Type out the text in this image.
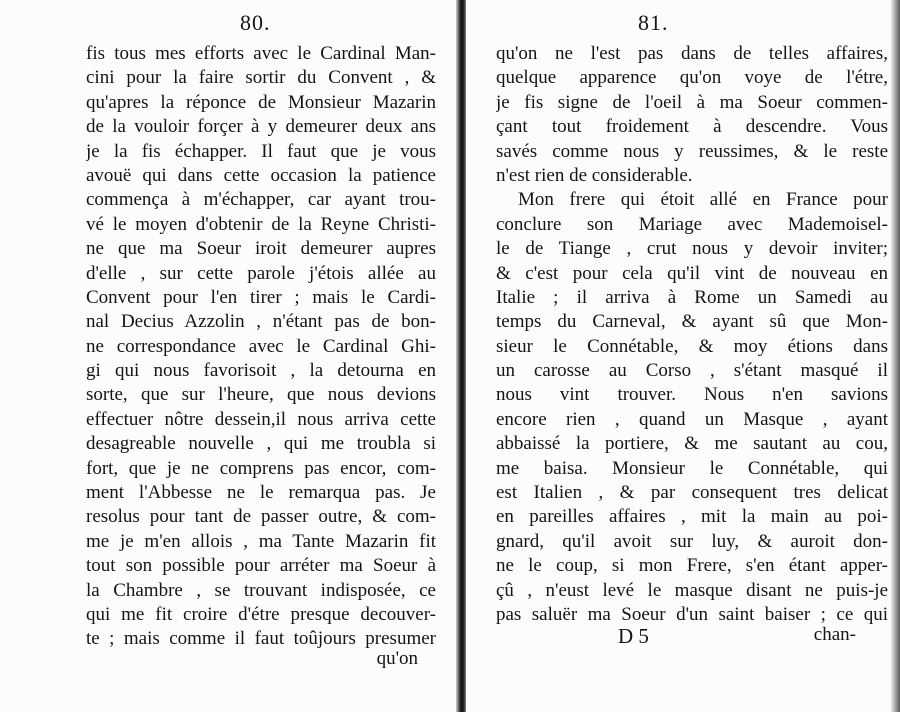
80.
fis tous mes efforts avec le Cardinal Man-
cini pour la faire sortir du Convent , &
qu'apres la réponce de Monsieur Mazarin
de la vouloir forçer à y demeurer deux ans
je la fis échapper. Il faut que je vous
avouë qui dans cette occasion la patience
commença à m'échapper, car ayant trou-
vé le moyen d'obtenir de la Reyne Christi-
ne que ma Soeur iroit demeurer aupres
d'elle , sur cette parole j'étois allée au
Convent pour l'en tirer ; mais le Cardi-
nal Decius Azzolin , n'étant pas de bon-
ne correspondance avec le Cardinal Ghi-
gi qui nous favorisoit , la detourna en
sorte, que sur l'heure, que nous devions
effectuer nôtre dessein,il nous arriva cette
desagreable nouvelle , qui me troubla si
fort, que je ne comprens pas encor, com-
ment l'Abbesse ne le remarqua pas. Je
resolus pour tant de passer outre, & com-
me je m'en allois , ma Tante Mazarin fit
tout son possible pour arréter ma Soeur à
la Chambre , se trouvant indisposée, ce
qui me fit croire d'étre presque decouver-
te ; mais comme il faut toûjours presumer
qu'on
81.
qu'on ne l'est pas dans de telles affaires,
quelque apparence qu'on voye de l'étre,
je fis signe de l'oeil à ma Soeur commen-
çant tout froidement à descendre. Vous
savés comme nous y reussimes, & le reste
n'est rien de considerable.
Mon frere qui étoit allé en France pour
conclure son Mariage avec Mademoisel-
le de Tiange , crut nous y devoir inviter;
& c'est pour cela qu'il vint de nouveau en
Italie ; il arriva à Rome un Samedi au
temps du Carneval, & ayant sû que Mon-
sieur le Connétable, & moy étions dans
un carosse au Corso , s'étant masqué il
nous vint trouver. Nous n'en savions
encore rien , quand un Masque , ayant
abbaissé la portiere, & me sautant au cou,
me baisa. Monsieur le Connétable, qui
est Italien , & par consequent tres delicat
en pareilles affaires , mit la main au poi-
gnard, qu'il avoit sur luy, & auroit don-
ne le coup, si mon Frere, s'en étant apper-
çû , n'eust levé le masque disant ne puis-je
pas saluër ma Soeur d'un saint baiser ; ce qui
D 5	chan-
